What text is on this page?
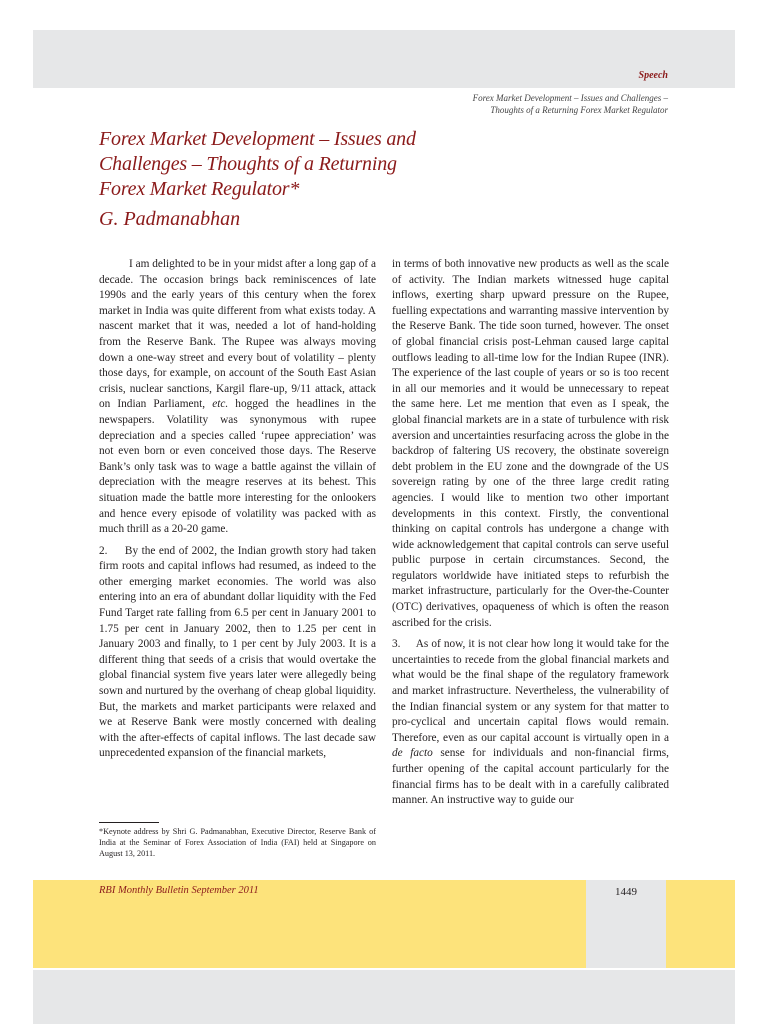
Speech
Forex Market Development – Issues and Challenges –
Thoughts of a Returning Forex Market Regulator
Forex Market Development – Issues and Challenges – Thoughts of a Returning Forex Market Regulator*
G. Padmanabhan

I am delighted to be in your midst after a long gap of a decade. The occasion brings back reminiscences of late 1990s and the early years of this century when the forex market in India was quite different from what exists today. A nascent market that it was, needed a lot of hand-holding from the Reserve Bank. The Rupee was always moving down a one-way street and every bout of volatility – plenty those days, for example, on account of the South East Asian crisis, nuclear sanctions, Kargil flare-up, 9/11 attack, attack on Indian Parliament, etc. hogged the headlines in the newspapers. Volatility was synonymous with rupee depreciation and a species called ‘rupee appreciation’ was not even born or even conceived those days. The Reserve Bank’s only task was to wage a battle against the villain of depreciation with the meagre reserves at its behest. This situation made the battle more interesting for the onlookers and hence every episode of volatility was packed with as much thrill as a 20-20 game.

2.     By the end of 2002, the Indian growth story had taken firm roots and capital inflows had resumed, as indeed to the other emerging market economies. The world was also entering into an era of abundant dollar liquidity with the Fed Fund Target rate falling from 6.5 per cent in January 2001 to 1.75 per cent in January 2002, then to 1.25 per cent in January 2003 and finally, to 1 per cent by July 2003. It is a different thing that seeds of a crisis that would overtake the global financial system five years later were allegedly being sown and nurtured by the overhang of cheap global liquidity. But, the markets and market participants were relaxed and we at Reserve Bank were mostly concerned with dealing with the after-effects of capital inflows. The last decade saw unprecedented expansion of the financial markets,

in terms of both innovative new products as well as the scale of activity. The Indian markets witnessed huge capital inflows, exerting sharp upward pressure on the Rupee, fuelling expectations and warranting massive intervention by the Reserve Bank. The tide soon turned, however. The onset of global financial crisis post-Lehman caused large capital outflows leading to all-time low for the Indian Rupee (INR). The experience of the last couple of years or so is too recent in all our memories and it would be unnecessary to repeat the same here. Let me mention that even as I speak, the global financial markets are in a state of turbulence with risk aversion and uncertainties resurfacing across the globe in the backdrop of faltering US recovery, the obstinate sovereign debt problem in the EU zone and the downgrade of the US sovereign rating by one of the three large credit rating agencies. I would like to mention two other important developments in this context. Firstly, the conventional thinking on capital controls has undergone a change with wide acknowledgement that capital controls can serve useful public purpose in certain circumstances. Second, the regulators worldwide have initiated steps to refurbish the market infrastructure, particularly for the Over-the-Counter (OTC) derivatives, opaqueness of which is often the reason ascribed for the crisis.

3.     As of now, it is not clear how long it would take for the uncertainties to recede from the global financial markets and what would be the final shape of the regulatory framework and market infrastructure. Nevertheless, the vulnerability of the Indian financial system or any system for that matter to pro-cyclical and uncertain capital flows would remain. Therefore, even as our capital account is virtually open in a de facto sense for individuals and non-financial firms, further opening of the capital account particularly for the financial firms has to be dealt with in a carefully calibrated manner. An instructive way to guide our

*Keynote address by Shri G. Padmanabhan, Executive Director, Reserve Bank of India at the Seminar of Forex Association of India (FAI) held at Singapore on August 13, 2011.
RBI Monthly Bulletin September 2011	1449
